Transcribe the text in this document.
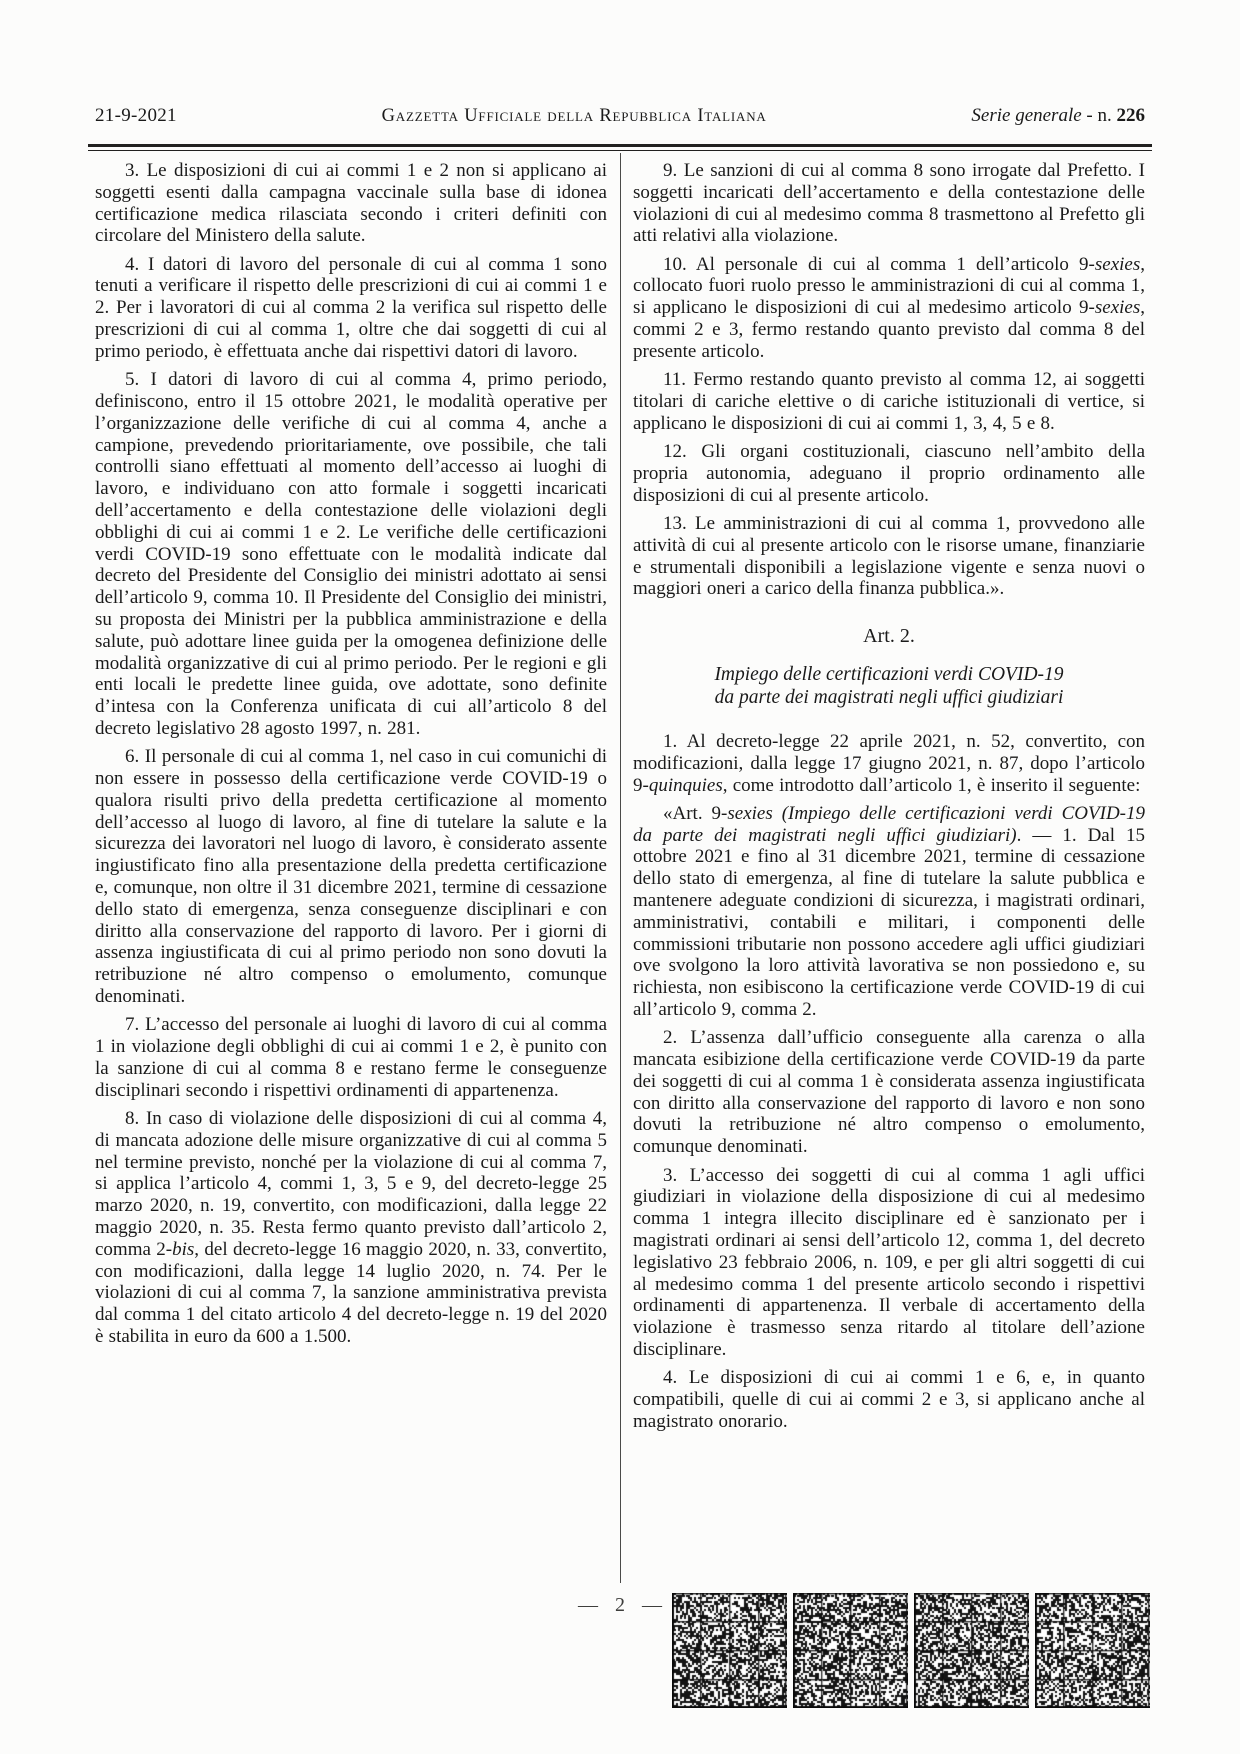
21-9-2021	Gazzetta Ufficiale della Repubblica Italiana	Serie generale - n. 226

3. Le disposizioni di cui ai commi 1 e 2 non si applicano ai soggetti esenti dalla campagna vaccinale sulla base di idonea certificazione medica rilasciata secondo i criteri definiti con circolare del Ministero della salute.

4. I datori di lavoro del personale di cui al comma 1 sono tenuti a verificare il rispetto delle prescrizioni di cui ai commi 1 e 2. Per i lavoratori di cui al comma 2 la verifica sul rispetto delle prescrizioni di cui al comma 1, oltre che dai soggetti di cui al primo periodo, è effettuata anche dai rispettivi datori di lavoro.

5. I datori di lavoro di cui al comma 4, primo periodo, definiscono, entro il 15 ottobre 2021, le modalità operative per l’organizzazione delle verifiche di cui al comma 4, anche a campione, prevedendo prioritariamente, ove possibile, che tali controlli siano effettuati al momento dell’accesso ai luoghi di lavoro, e individuano con atto formale i soggetti incaricati dell’accertamento e della contestazione delle violazioni degli obblighi di cui ai commi 1 e 2. Le verifiche delle certificazioni verdi COVID-19 sono effettuate con le modalità indicate dal decreto del Presidente del Consiglio dei ministri adottato ai sensi dell’articolo 9, comma 10. Il Presidente del Consiglio dei ministri, su proposta dei Ministri per la pubblica amministrazione e della salute, può adottare linee guida per la omogenea definizione delle modalità organizzative di cui al primo periodo. Per le regioni e gli enti locali le predette linee guida, ove adottate, sono definite d’intesa con la Conferenza unificata di cui all’articolo 8 del decreto legislativo 28 agosto 1997, n. 281.

6. Il personale di cui al comma 1, nel caso in cui comunichi di non essere in possesso della certificazione verde COVID-19 o qualora risulti privo della predetta certificazione al momento dell’accesso al luogo di lavoro, al fine di tutelare la salute e la sicurezza dei lavoratori nel luogo di lavoro, è considerato assente ingiustificato fino alla presentazione della predetta certificazione e, comunque, non oltre il 31 dicembre 2021, termine di cessazione dello stato di emergenza, senza conseguenze disciplinari e con diritto alla conservazione del rapporto di lavoro. Per i giorni di assenza ingiustificata di cui al primo periodo non sono dovuti la retribuzione né altro compenso o emolumento, comunque denominati.

7. L’accesso del personale ai luoghi di lavoro di cui al comma 1 in violazione degli obblighi di cui ai commi 1 e 2, è punito con la sanzione di cui al comma 8 e restano ferme le conseguenze disciplinari secondo i rispettivi ordinamenti di appartenenza.

8. In caso di violazione delle disposizioni di cui al comma 4, di mancata adozione delle misure organizzative di cui al comma 5 nel termine previsto, nonché per la violazione di cui al comma 7, si applica l’articolo 4, commi 1, 3, 5 e 9, del decreto-legge 25 marzo 2020, n. 19, convertito, con modificazioni, dalla legge 22 maggio 2020, n. 35. Resta fermo quanto previsto dall’articolo 2, comma 2-bis, del decreto-legge 16 maggio 2020, n. 33, convertito, con modificazioni, dalla legge 14 luglio 2020, n. 74. Per le violazioni di cui al comma 7, la sanzione amministrativa prevista dal comma 1 del citato articolo 4 del decreto-legge n. 19 del 2020 è stabilita in euro da 600 a 1.500.

9. Le sanzioni di cui al comma 8 sono irrogate dal Prefetto. I soggetti incaricati dell’accertamento e della contestazione delle violazioni di cui al medesimo comma 8 trasmettono al Prefetto gli atti relativi alla violazione.

10. Al personale di cui al comma 1 dell’articolo 9-sexies, collocato fuori ruolo presso le amministrazioni di cui al comma 1, si applicano le disposizioni di cui al medesimo articolo 9-sexies, commi 2 e 3, fermo restando quanto previsto dal comma 8 del presente articolo.

11. Fermo restando quanto previsto al comma 12, ai soggetti titolari di cariche elettive o di cariche istituzionali di vertice, si applicano le disposizioni di cui ai commi 1, 3, 4, 5 e 8.

12. Gli organi costituzionali, ciascuno nell’ambito della propria autonomia, adeguano il proprio ordinamento alle disposizioni di cui al presente articolo.

13. Le amministrazioni di cui al comma 1, provvedono alle attività di cui al presente articolo con le risorse umane, finanziarie e strumentali disponibili a legislazione vigente e senza nuovi o maggiori oneri a carico della finanza pubblica.».

Art. 2.
Impiego delle certificazioni verdi COVID-19
da parte dei magistrati negli uffici giudiziari

1. Al decreto-legge 22 aprile 2021, n. 52, convertito, con modificazioni, dalla legge 17 giugno 2021, n. 87, dopo l’articolo 9-quinquies, come introdotto dall’articolo 1, è inserito il seguente:

«Art. 9-sexies (Impiego delle certificazioni verdi COVID-19 da parte dei magistrati negli uffici giudiziari). — 1. Dal 15 ottobre 2021 e fino al 31 dicembre 2021, termine di cessazione dello stato di emergenza, al fine di tutelare la salute pubblica e mantenere adeguate condizioni di sicurezza, i magistrati ordinari, amministrativi, contabili e militari, i componenti delle commissioni tributarie non possono accedere agli uffici giudiziari ove svolgono la loro attività lavorativa se non possiedono e, su richiesta, non esibiscono la certificazione verde COVID-19 di cui all’articolo 9, comma 2.

2. L’assenza dall’ufficio conseguente alla carenza o alla mancata esibizione della certificazione verde COVID-19 da parte dei soggetti di cui al comma 1 è considerata assenza ingiustificata con diritto alla conservazione del rapporto di lavoro e non sono dovuti la retribuzione né altro compenso o emolumento, comunque denominati.

3. L’accesso dei soggetti di cui al comma 1 agli uffici giudiziari in violazione della disposizione di cui al medesimo comma 1 integra illecito disciplinare ed è sanzionato per i magistrati ordinari ai sensi dell’articolo 12, comma 1, del decreto legislativo 23 febbraio 2006, n. 109, e per gli altri soggetti di cui al medesimo comma 1 del presente articolo secondo i rispettivi ordinamenti di appartenenza. Il verbale di accertamento della violazione è trasmesso senza ritardo al titolare dell’azione disciplinare.

4. Le disposizioni di cui ai commi 1 e 6, e, in quanto compatibili, quelle di cui ai commi 2 e 3, si applicano anche al magistrato onorario.

— 2 —
